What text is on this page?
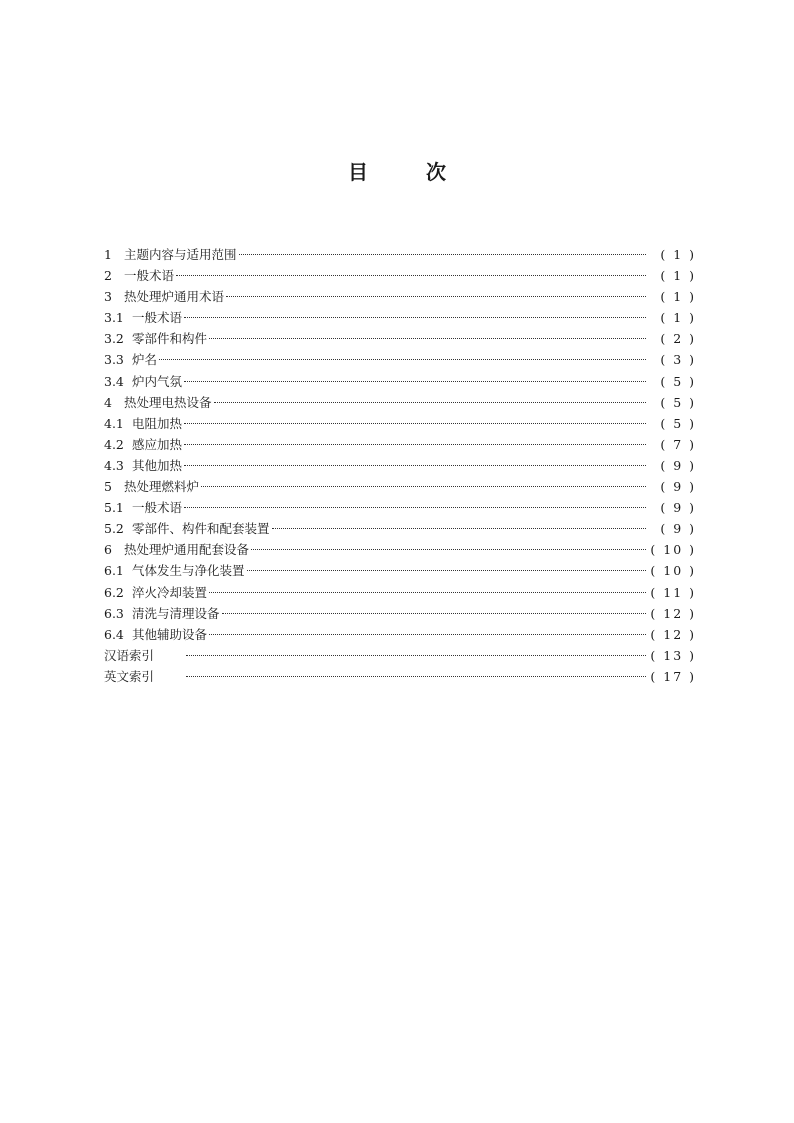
目	次
1 主题内容与适用范围	( 1 )
2 一般术语	( 1 )
3 热处理炉通用术语	( 1 )
3.1 一般术语	( 1 )
3.2 零部件和构件	( 2 )
3.3 炉名	( 3 )
3.4 炉内气氛	( 5 )
4 热处理电热设备	( 5 )
4.1 电阻加热	( 5 )
4.2 感应加热	( 7 )
4.3 其他加热	( 9 )
5 热处理燃料炉	( 9 )
5.1 一般术语	( 9 )
5.2 零部件、构件和配套装置	( 9 )
6 热处理炉通用配套设备	( 10 )
6.1 气体发生与净化装置	( 10 )
6.2 淬火冷却装置	( 11 )
6.3 清洗与清理设备	( 12 )
6.4 其他辅助设备	( 12 )
汉语索引	( 13 )
英文索引	( 17 )
